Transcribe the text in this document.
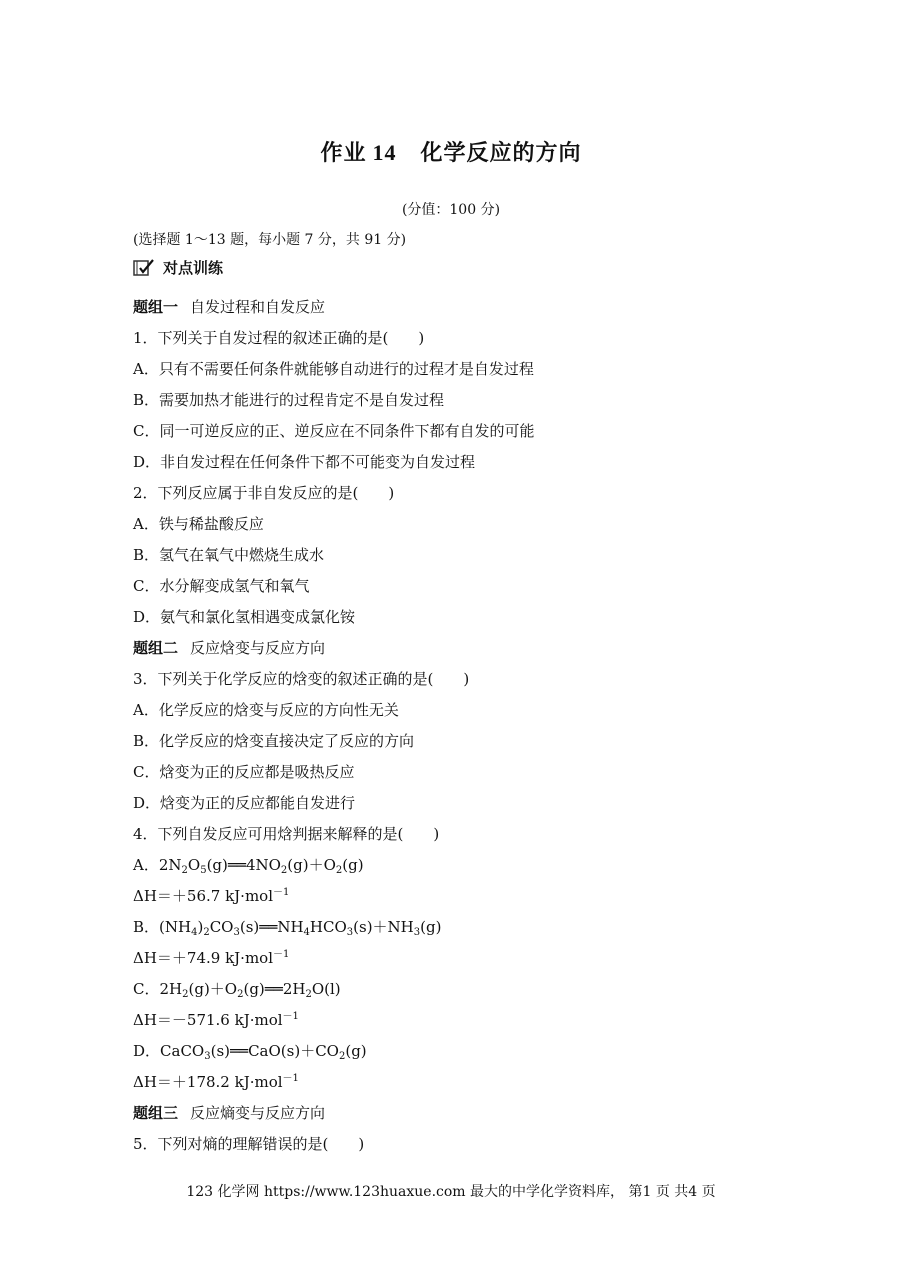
作业 14 化学反应的方向
(分值：100 分)
(选择题 1～13 题，每小题 7 分，共 91 分)
对点训练
题组一 自发过程和自发反应
1．下列关于自发过程的叙述正确的是(　　)
A．只有不需要任何条件就能够自动进行的过程才是自发过程
B．需要加热才能进行的过程肯定不是自发过程
C．同一可逆反应的正、逆反应在不同条件下都有自发的可能
D．非自发过程在任何条件下都不可能变为自发过程
2．下列反应属于非自发反应的是(　　)
A．铁与稀盐酸反应
B．氢气在氧气中燃烧生成水
C．水分解变成氢气和氧气
D．氨气和氯化氢相遇变成氯化铵
题组二 反应焓变与反应方向
3．下列关于化学反应的焓变的叙述正确的是(　　)
A．化学反应的焓变与反应的方向性无关
B．化学反应的焓变直接决定了反应的方向
C．焓变为正的反应都是吸热反应
D．焓变为正的反应都能自发进行
4．下列自发反应可用焓判据来解释的是(　　)
A．$2N_2O_5(g)══4NO_2(g)+O_2(g)$
ΔH＝＋56.7 kJ·mol$^{-1}$
B．$(NH_4)_2CO_3(s)══NH_4HCO_3(s)+NH_3(g)$
ΔH＝＋74.9 kJ·mol$^{-1}$
C．$2H_2(g)+O_2(g)══2H_2O(l)$
ΔH＝－571.6 kJ·mol$^{-1}$
D．$CaCO_3(s)══CaO(s)+CO_2(g)$
ΔH＝＋178.2 kJ·mol$^{-1}$
题组三 反应熵变与反应方向
5．下列对熵的理解错误的是(　　)
123 化学网 https://www.123huaxue.com 最大的中学化学资料库， 第1 页 共4 页
